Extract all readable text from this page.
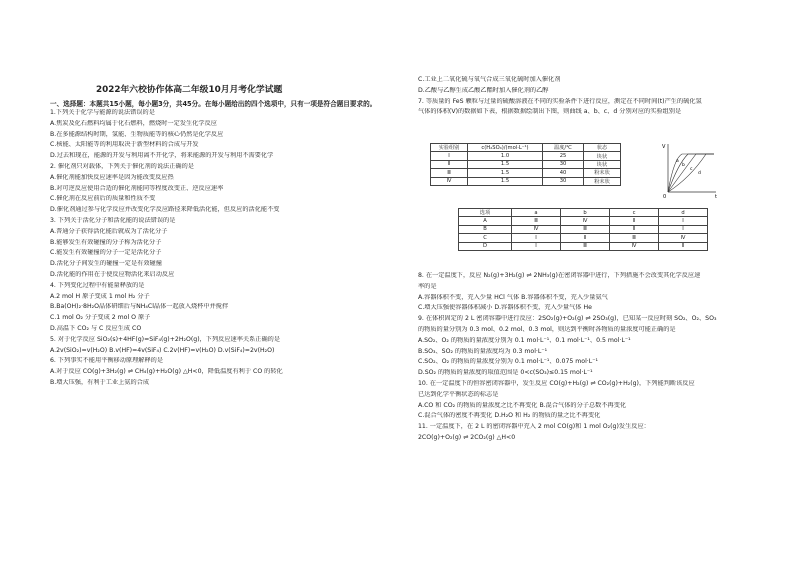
2022年六校协作体高二年级10月月考化学试题
一、选择题：本题共15小题，每小题3分，共45分。在每小题给出的四个选项中，只有一项是符合题目要求的。
1.下列关于化学与能源的说法错误的是
A.焦炭及化石燃料均属于化石燃料，燃烧时一定发生化学反应
B.在多能源结构时期，氢能、生物质能等的核心仍然是化学反应
C.核能、太阳能等的利用取决于新型材料的合成与开发
D.过去和现在，能源的开发与利用离不开化学，将来能源的开发与利用不需要化学
2. 催化剂只对载体，下列关于催化剂的说法正确的是
A.催化剂能加快反应速率是因为能改变反应热
B.对可逆反应使用合适的催化剂能同等程度改变正、逆反应速率
C.催化剂在反应前后的质量和性质不变
D.催化剂通过参与化学反应并改变化学反应路径来降低活化能，但反应的活化能不变
3. 下列关于活化分子和活化能的说法错误的是
A.普通分子获得活化能后就成为了活化分子
B.能够发生有效碰撞的分子称为活化分子
C.能发生有效碰撞的分子一定是活化分子
D.活化分子间发生的碰撞一定是有效碰撞
D.活化能的作用在于使反应物活化来启动反应
4. 下列变化过程中有能量释放的是
A.2 mol H 原子变成 1 mol H₂ 分子
B.Ba(OH)₂·8H₂O晶体研细后与NH₄Cl晶体一起放入烧杯中并搅拌
C.1 mol O₂ 分子变成 2 mol O 原子
D.高温下 CO₂ 与 C 反应生成 CO
5. 对于化学反应 SiO₂(s)+4HF(g)=SiF₄(g)+2H₂O(g)，下列反应速率关系正确的是
A.2v(SiO₂)=v(H₂O) B.v(HF)=4v(SiF₄) C.2v(HF)=v(H₂O) D.v(SiF₄)=2v(H₂O)
6. 下列事实不能用平衡移动原理解释的是
A.对于反应 CO(g)+3H₂(g) ⇌ CH₄(g)+H₂O(g) △H<0，降低温度有利于 CO 的转化
B.增大压强，有利于工业上氨的合成
C.工业上二氧化硫与氧气合成三氧化硫时加入催化剂
D.乙酸与乙醇生成乙酸乙酯时加入催化剂的乙醇
7. 等质量的 FeS 颗粒与过量的硫酸溶液在不同的实验条件下进行反应，测定在不同时间(t)产生的硫化氢
气体的体积(V)的数据如下表，根据数据绘制出下图，则曲线 a、b、c、d 分别对应的实验组别是
实验组别	c(H₂SO₄)/(mol·L⁻¹)	温度/℃	状态
Ⅰ	1.0	25	块状
Ⅱ	1.5	30	块状
Ⅲ	1.5	40	粉末状
Ⅳ	1.5	30	粉末状
V
t
0
a
b
c
d
选项	a	b	c	d
A	Ⅲ	Ⅳ	Ⅱ	Ⅰ
B	Ⅳ	Ⅲ	Ⅱ	Ⅰ
C	Ⅰ	Ⅱ	Ⅲ	Ⅳ
D	Ⅰ	Ⅲ	Ⅳ	Ⅱ
8. 在一定温度下，反应 N₂(g)+3H₂(g) ⇌ 2NH₃(g)在密闭容器中进行，下列措施不会改变其化学反应速
率的是
A.容器体积不变，充入少量 HCl 气体 B.容器体积不变，充入少量氨气
C.增大压强使容器体积减小 D.容器体积不变，充入少量气体 He
9. 在体积固定的 2 L 密闭容器中进行反应：2SO₂(g)+O₂(g) ⇌ 2SO₃(g)，已知某一反应时刻 SO₂、O₂、SO₃
的物质的量分别为 0.3 mol、0.2 mol、0.3 mol，则达到平衡时各物质的量浓度可能正确的是
A.SO₂、O₂ 的物质的量浓度分别为 0.1 mol·L⁻¹、0.1 mol·L⁻¹、0.5 mol·L⁻¹
B.SO₃、SO₂ 的物质的量浓度均为 0.3 mol·L⁻¹
C.SO₂、O₂ 的物质的量浓度分别为 0.1 mol·L⁻¹、0.075 mol·L⁻¹
D.SO₂ 的物质的量浓度的取值范围是 0<c(SO₃)≤0.15 mol·L⁻¹
10. 在一定温度下的恒容密闭容器中，发生反应 CO(g)+H₂(g) ⇌ CO₂(g)+H₂(g)，下列能判断该反应
已达到化学平衡状态的标志是
A.CO 和 CO₂ 的物质的量浓度之比不再变化 B.混合气体的分子总数不再变化
C.混合气体的密度不再变化 D.H₂O 和 H₂ 的物质的量之比不再变化
11. 一定温度下，在 2 L 的密闭容器中充入 2 mol CO(g)和 1 mol O₂(g)发生反应：
2CO(g)+O₂(g) ⇌ 2CO₂(g) △H<0
